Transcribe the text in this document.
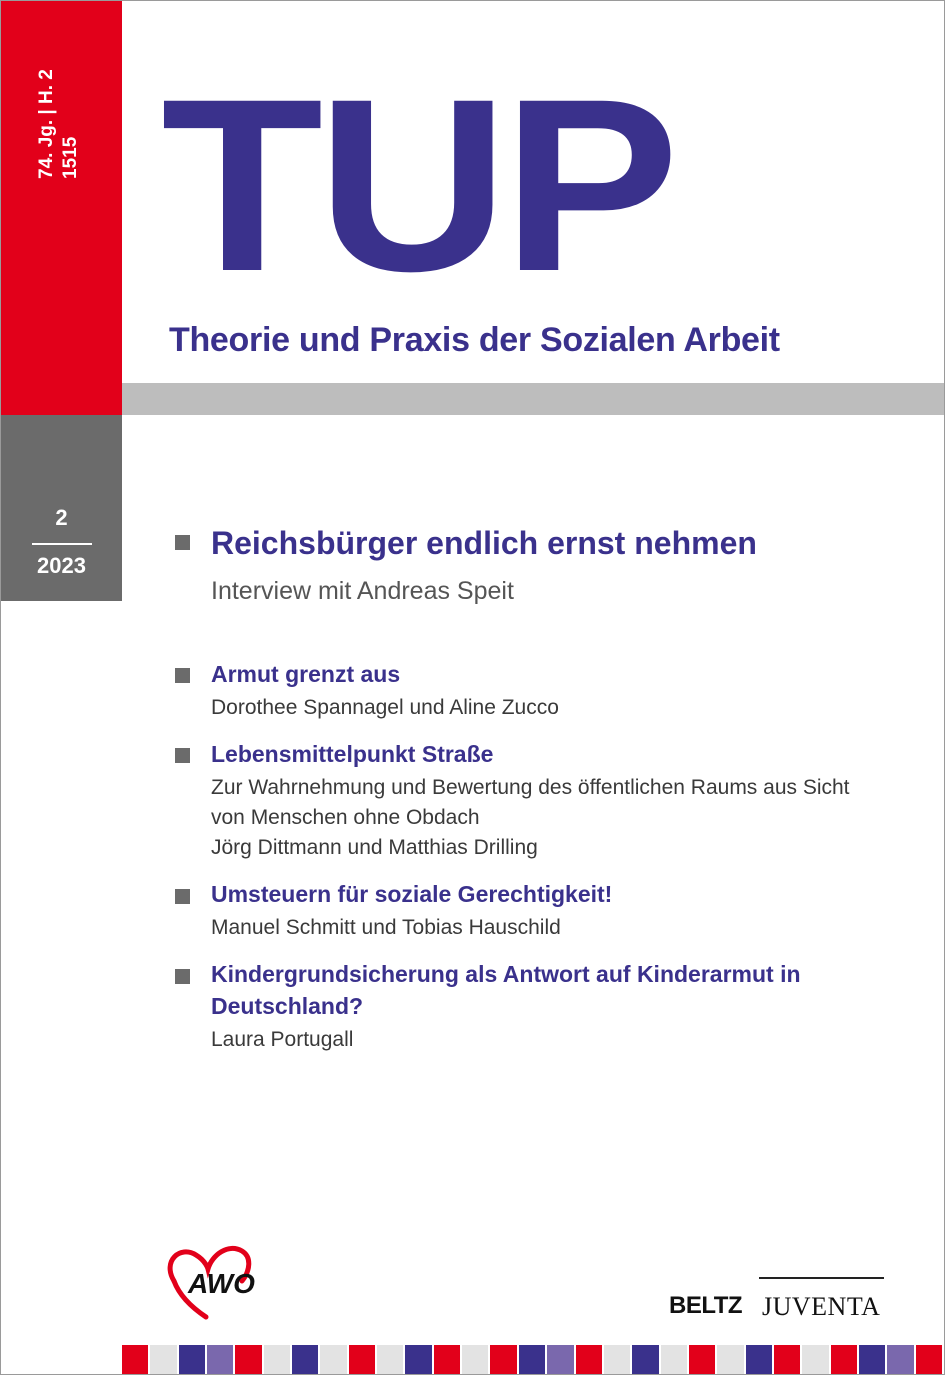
74. Jg. | H. 2 1515
2
2023
TUP
Theorie und Praxis der Sozialen Arbeit
Reichsbürger endlich ernst nehmen
Interview mit Andreas Speit
Armut grenzt aus
Dorothee Spannagel und Aline Zucco
Lebensmittelpunkt Straße
Zur Wahrnehmung und Bewertung des öffentlichen Raums aus Sicht
von Menschen ohne Obdach
Jörg Dittmann und Matthias Drilling
Umsteuern für soziale Gerechtigkeit!
Manuel Schmitt und Tobias Hauschild
Kindergrundsicherung als Antwort auf Kinderarmut in
Deutschland?
Laura Portugall
AWO
BELTZ JUVENTA
